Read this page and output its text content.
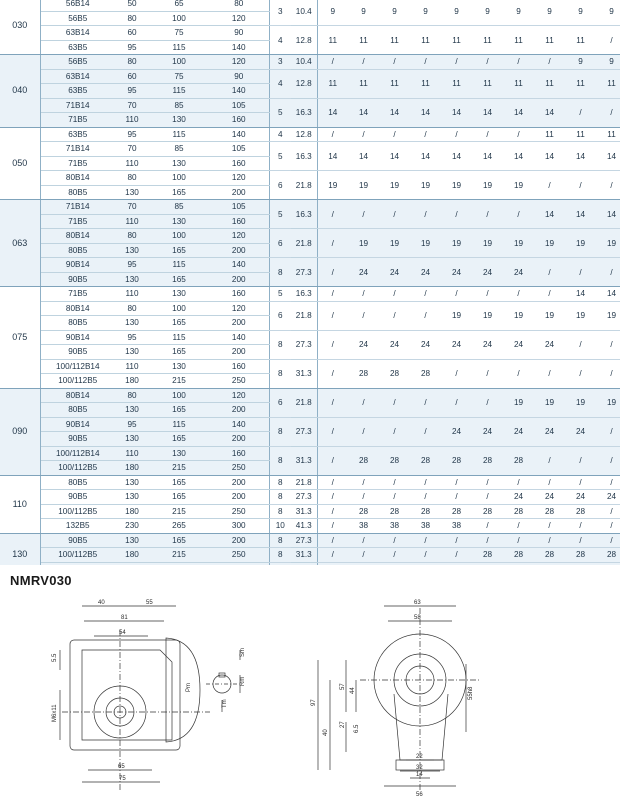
030	56B14	50	65	80	3	10.4	9	9	9	9	9	9	9	9	9	9		
	56B5	80	100	120														
	63B14	60	75	90	4	12.8	11	11	11	11	11	11	11	11	11	/		
	63B5	95	115	140														
040	56B5	80	100	120	3	10.4	/	/	/	/	/	/	/	/	9	9		
	63B14	60	75	90	4	12.8	11	11	11	11	11	11	11	11	11	11		
	63B5	95	115	140														
	71B14	70	85	105	5	16.3	14	14	14	14	14	14	14	14	/	/		
	71B5	110	130	160														
050	63B5	95	115	140	4	12.8	/	/	/	/	/	/	/	11	11	11		
	71B14	70	85	105	5	16.3	14	14	14	14	14	14	14	14	14	14		
	71B5	110	130	160														
	80B14	80	100	120	6	21.8	19	19	19	19	19	19	19	/	/	/		
	80B5	130	165	200														
063	71B14	70	85	105	5	16.3	/	/	/	/	/	/	/	14	14	14		
	71B5	110	130	160														
	80B14	80	100	120	6	21.8	/	19	19	19	19	19	19	19	19	19		
	80B5	130	165	200														
	90B14	95	115	140	8	27.3	/	24	24	24	24	24	24	/	/	/		
	90B5	130	165	200														
075	71B5	110	130	160	5	16.3	/	/	/	/	/	/	/	/	14	14		
	80B14	80	100	120	6	21.8	/	/	/	/	19	19	19	19	19	19		
	80B5	130	165	200														
	90B14	95	115	140	8	27.3	/	24	24	24	24	24	24	24	/	/		
	90B5	130	165	200														
	100/112B14	110	130	160	8	31.3	/	28	28	28	/	/	/	/	/	/		
	100/112B5	180	215	250														
090	80B14	80	100	120	6	21.8	/	/	/	/	/	/	19	19	19	19		
	80B5	130	165	200														
	90B14	95	115	140	8	27.3	/	/	/	/	24	24	24	24	24	/		
	90B5	130	165	200														
	100/112B14	110	130	160	8	31.3	/	28	28	28	28	28	28	/	/	/		
	100/112B5	180	215	250														
110	80B5	130	165	200	8	21.8	/	/	/	/	/	/	/	/	/	/		
	90B5	130	165	200	8	27.3	/	/	/	/	/	/	24	24	24	24		
	100/112B5	180	215	250	8	31.3	/	28	28	28	28	28	28	28	28	/		
	132B5	230	265	300	10	41.3	/	38	38	38	38	/	/	/	/	/		
130	90B5	130	165	200	8	27.3	/	/	/	/	/	/	/	/	/	/		
	100/112B5	180	215	250	8	31.3	/	/	/	/	/	28	28	28	28	28		

NMRV030
40	55
81
65
54
75
5.5
M6x11
Pm
Sm
Rm
Tm
63
58
40
57
97
44
27 6.5
22
55h8
32
14
56
